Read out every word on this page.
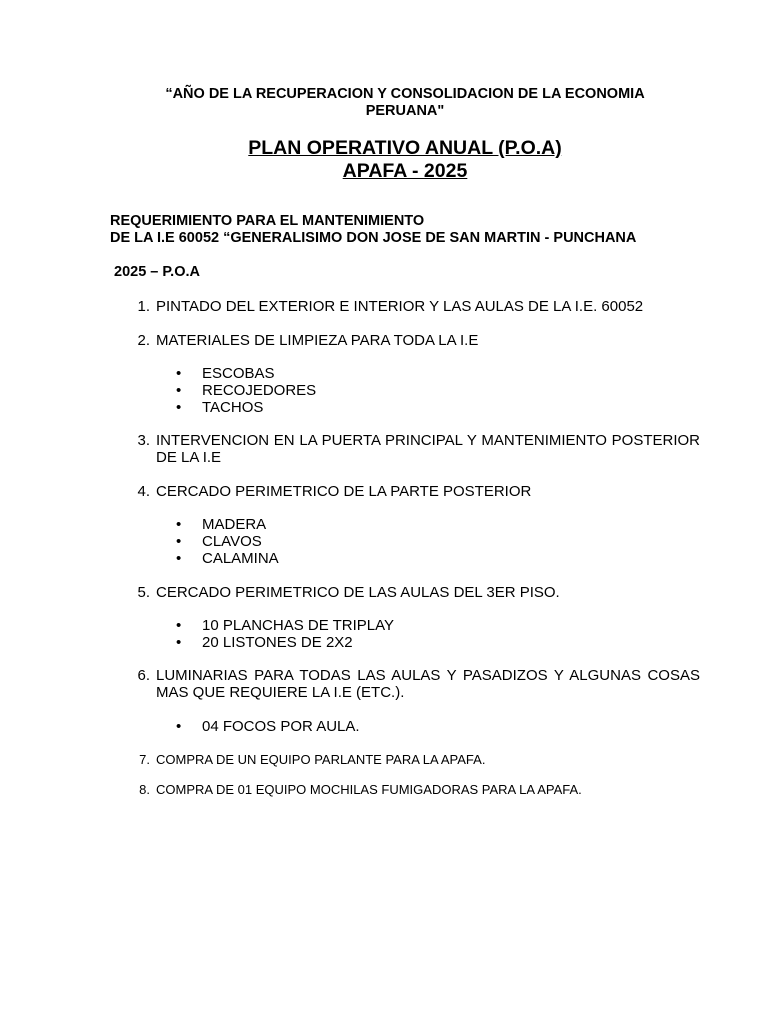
“AÑO DE LA RECUPERACION Y CONSOLIDACION DE LA ECONOMIA PERUANA"
PLAN OPERATIVO ANUAL (P.O.A)
APAFA - 2025
REQUERIMIENTO PARA EL MANTENIMIENTO
DE LA I.E 60052 “GENERALISIMO DON JOSE DE SAN MARTIN - PUNCHANA
2025 – P.O.A
1. PINTADO DEL EXTERIOR E INTERIOR Y LAS AULAS DE LA I.E. 60052
2. MATERIALES DE LIMPIEZA PARA TODA LA I.E
• ESCOBAS
• RECOJEDORES
• TACHOS
3. INTERVENCION EN LA PUERTA PRINCIPAL Y MANTENIMIENTO POSTERIOR DE LA I.E
4. CERCADO PERIMETRICO DE LA PARTE POSTERIOR
• MADERA
• CLAVOS
• CALAMINA
5. CERCADO PERIMETRICO DE LAS AULAS DEL 3ER PISO.
• 10 PLANCHAS DE TRIPLAY
• 20 LISTONES DE 2X2
6. LUMINARIAS PARA TODAS LAS AULAS Y PASADIZOS Y ALGUNAS COSAS MAS QUE REQUIERE LA I.E (ETC.).
• 04 FOCOS POR AULA.
7. COMPRA DE UN EQUIPO PARLANTE PARA LA APAFA.
8. COMPRA DE 01 EQUIPO MOCHILAS FUMIGADORAS PARA LA APAFA.
